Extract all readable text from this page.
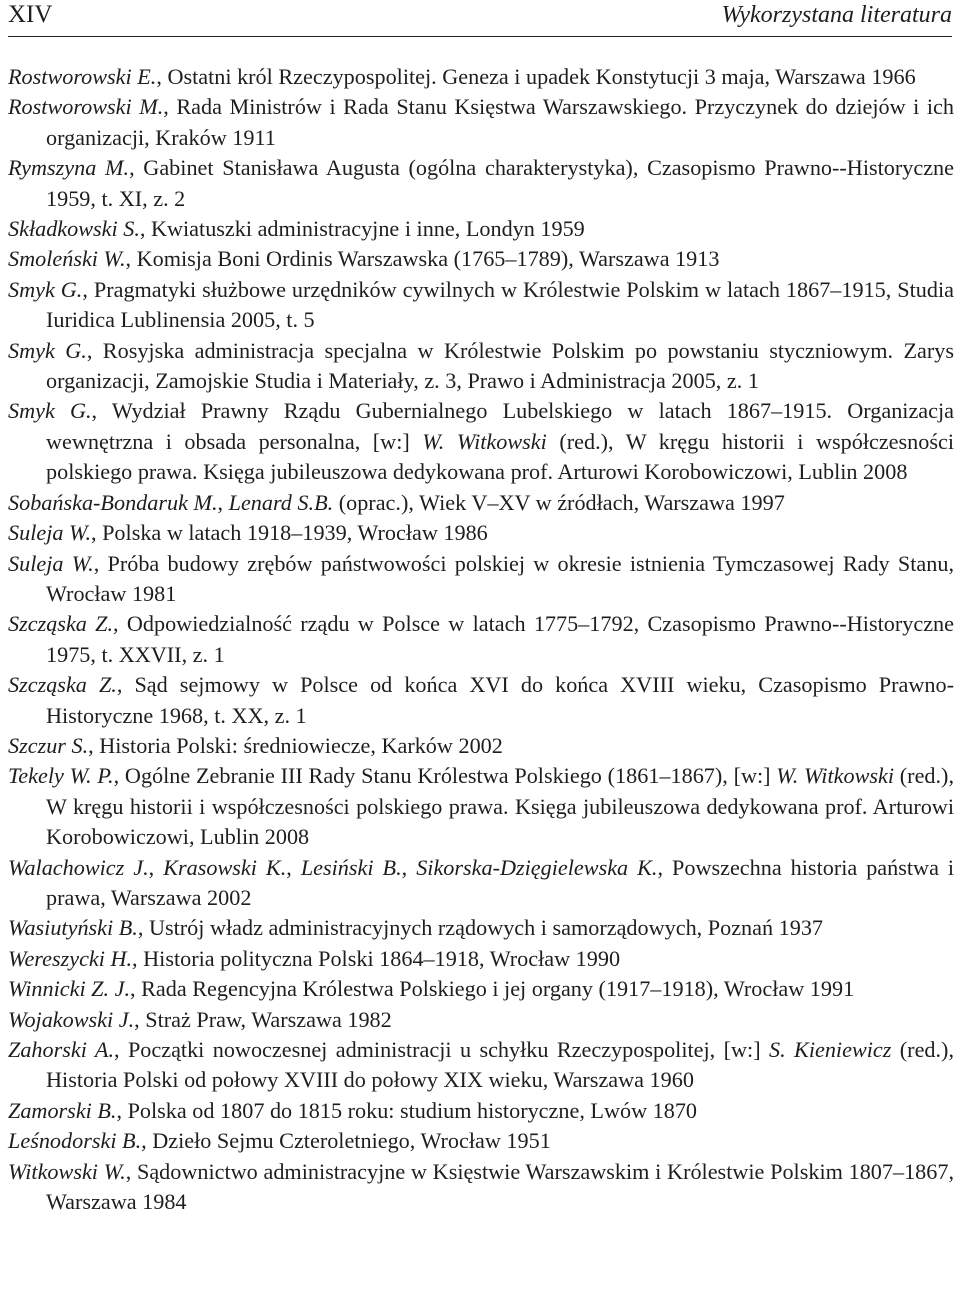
XIV	Wykorzystana literatura

Rostworowski E., Ostatni król Rzeczypospolitej. Geneza i upadek Konstytucji 3 maja, Warszawa 1966

Rostworowski M., Rada Ministrów i Rada Stanu Księstwa Warszawskiego. Przyczynek do dziejów i ich organizacji, Kraków 1911

Rymszyna M., Gabinet Stanisława Augusta (ogólna charakterystyka), Czasopismo Prawno--Historyczne 1959, t. XI, z. 2

Składkowski S., Kwiatuszki administracyjne i inne, Londyn 1959

Smoleński W., Komisja Boni Ordinis Warszawska (1765–1789), Warszawa 1913

Smyk G., Pragmatyki służbowe urzędników cywilnych w Królestwie Polskim w latach 1867–1915, Studia Iuridica Lublinensia 2005, t. 5

Smyk G., Rosyjska administracja specjalna w Królestwie Polskim po powstaniu styczniowym. Zarys organizacji, Zamojskie Studia i Materiały, z. 3, Prawo i Administracja 2005, z. 1

Smyk G., Wydział Prawny Rządu Gubernialnego Lubelskiego w latach 1867–1915. Organizacja wewnętrzna i obsada personalna, [w:] W. Witkowski (red.), W kręgu historii i współczesności polskiego prawa. Księga jubileuszowa dedykowana prof. Arturowi Korobowiczowi, Lublin 2008

Sobańska-Bondaruk M., Lenard S.B. (oprac.), Wiek V–XV w źródłach, Warszawa 1997

Suleja W., Polska w latach 1918–1939, Wrocław 1986

Suleja W., Próba budowy zrębów państwowości polskiej w okresie istnienia Tymczasowej Rady Stanu, Wrocław 1981

Szcząska Z., Odpowiedzialność rządu w Polsce w latach 1775–1792, Czasopismo Prawno--Historyczne 1975, t. XXVII, z. 1

Szcząska Z., Sąd sejmowy w Polsce od końca XVI do końca XVIII wieku, Czasopismo Prawno-Historyczne 1968, t. XX, z. 1

Szczur S., Historia Polski: średniowiecze, Karków 2002

Tekely W. P., Ogólne Zebranie III Rady Stanu Królestwa Polskiego (1861–1867), [w:] W. Witkowski (red.), W kręgu historii i współczesności polskiego prawa. Księga jubileuszowa dedykowana prof. Arturowi Korobowiczowi, Lublin 2008

Walachowicz J., Krasowski K., Lesiński B., Sikorska-Dzięgielewska K., Powszechna historia państwa i prawa, Warszawa 2002

Wasiutyński B., Ustrój władz administracyjnych rządowych i samorządowych, Poznań 1937

Wereszycki H., Historia polityczna Polski 1864–1918, Wrocław 1990

Winnicki Z. J., Rada Regencyjna Królestwa Polskiego i jej organy (1917–1918), Wrocław 1991

Wojakowski J., Straż Praw, Warszawa 1982

Zahorski A., Początki nowoczesnej administracji u schyłku Rzeczypospolitej, [w:] S. Kieniewicz (red.), Historia Polski od połowy XVIII do połowy XIX wieku, Warszawa 1960

Zamorski B., Polska od 1807 do 1815 roku: studium historyczne, Lwów 1870

Leśnodorski B., Dzieło Sejmu Czteroletniego, Wrocław 1951

Witkowski W., Sądownictwo administracyjne w Księstwie Warszawskim i Królestwie Polskim 1807–1867, Warszawa 1984
